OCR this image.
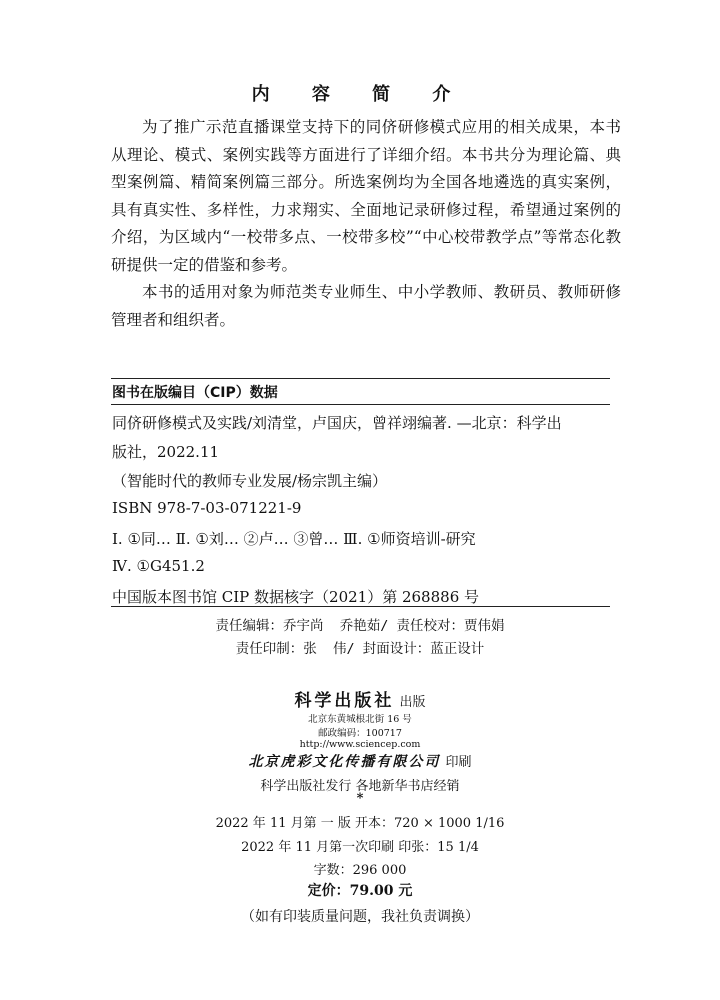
内 容 简 介

为了推广示范直播课堂支持下的同侪研修模式应用的相关成果，本书从理论、模式、案例实践等方面进行了详细介绍。本书共分为理论篇、典型案例篇、精简案例篇三部分。所选案例均为全国各地遴选的真实案例，具有真实性、多样性，力求翔实、全面地记录研修过程，希望通过案例的介绍，为区域内“一校带多点、一校带多校”“中心校带教学点”等常态化教研提供一定的借鉴和参考。

本书的适用对象为师范类专业师生、中小学教师、教研员、教师研修管理者和组织者。

图书在版编目（CIP）数据
同侪研修模式及实践/刘清堂，卢国庆，曾祥翊编著. —北京：科学出
版社，2022.11
（智能时代的教师专业发展/杨宗凯主编）
ISBN 978-7-03-071221-9
Ⅰ. ①同… Ⅱ. ①刘… ②卢… ③曾… Ⅲ. ①师资培训-研究
Ⅳ. ①G451.2
中国版本图书馆 CIP 数据核字（2021）第 268886 号
责任编辑：乔宇尚  乔艳茹/ 责任校对：贾伟娟
责任印制：张  伟/ 封面设计：蓝正设计
科学出版社 出版
北京东黄城根北街 16 号
邮政编码：100717
http://www.sciencep.com
北京虎彩文化传播有限公司 印刷
科学出版社发行 各地新华书店经销
*
2022 年 11 月第 一 版 开本：720 × 1000 1/16
2022 年 11 月第一次印刷 印张：15 1/4
字数：296 000
定价：79.00 元
（如有印装质量问题，我社负责调换）
